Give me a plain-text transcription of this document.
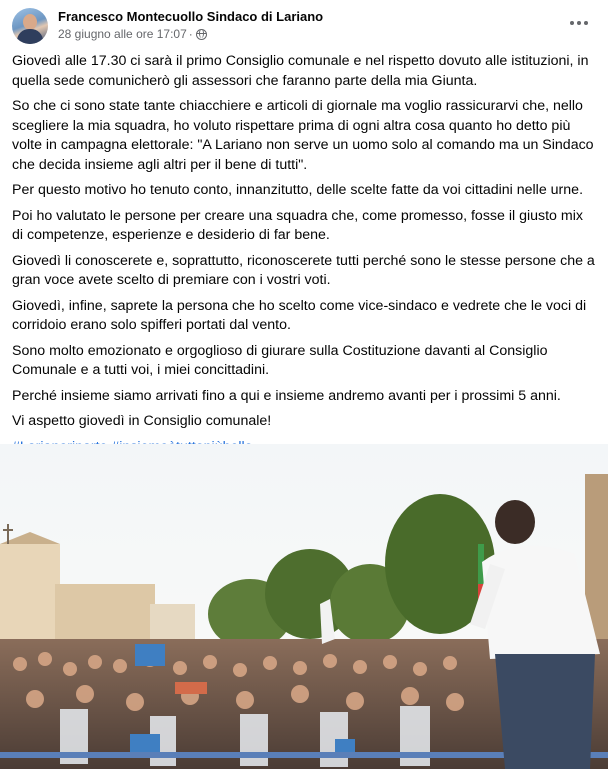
Francesco Montecuollo Sindaco di Lariano
28 giugno alle ore 17:07 ·

Giovedì alle 17.30 ci sarà il primo Consiglio comunale e nel rispetto dovuto alle istituzioni, in quella sede comunicherò gli assessori che faranno parte della mia Giunta.

So che ci sono state tante chiacchiere e articoli di giornale ma voglio rassicurarvi che, nello scegliere la mia squadra, ho voluto rispettare prima di ogni altra cosa quanto ho detto più volte in campagna elettorale: "A Lariano non serve un uomo solo al comando ma un Sindaco che decida insieme agli altri per il bene di tutti".

Per questo motivo ho tenuto conto, innanzitutto, delle scelte fatte da voi cittadini nelle urne.

Poi ho valutato le persone per creare una squadra che, come promesso, fosse il giusto mix di competenze, esperienze e desiderio di far bene.

Giovedì li conoscerete e, soprattutto, riconoscerete tutti perché sono le stesse persone che a gran voce avete scelto di premiare con i vostri voti.

Giovedì, infine, saprete la persona che ho scelto come vice-sindaco e vedrete che le voci di corridoio erano solo spifferi portati dal vento.

Sono molto emozionato e orgoglioso di giurare sulla Costituzione davanti al Consiglio Comunale e a tutti voi, i miei concittadini.

Perché insieme siamo arrivati fino a qui e insieme andremo avanti per i prossimi 5 anni.

Vi aspetto giovedì in Consiglio comunale!
